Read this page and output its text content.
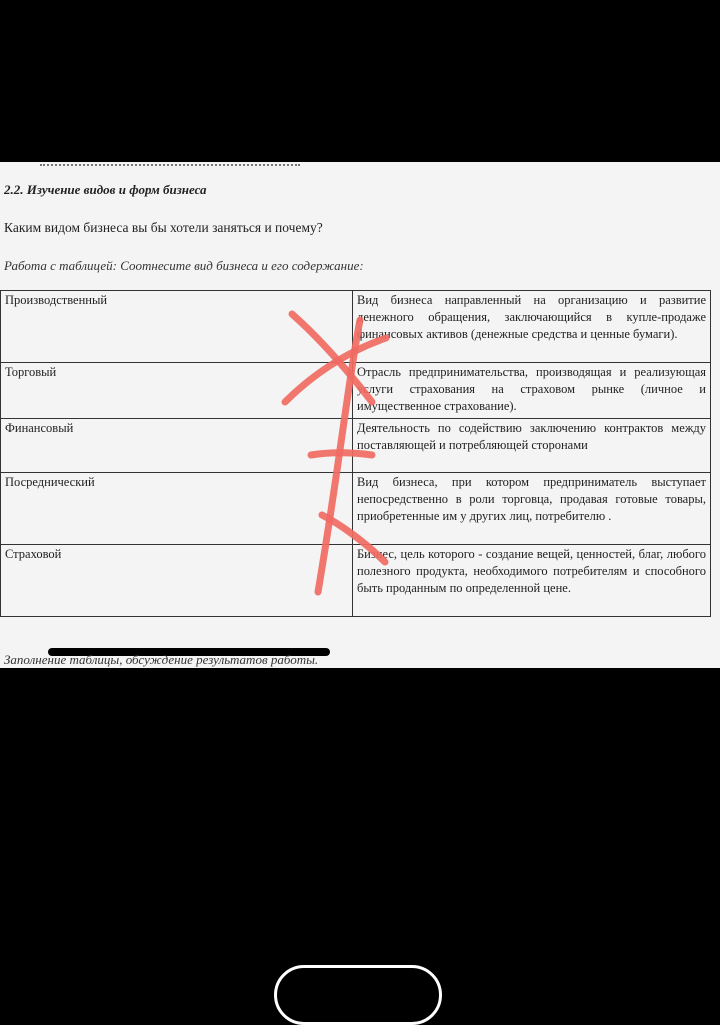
2.2. Изучение видов и форм бизнеса
Каким видом бизнеса вы бы хотели заняться и почему?
Работа с таблицей: Соотнесите вид бизнеса и его содержание:
Производственный	Вид бизнеса направленный на организацию и развитие денежного обращения, заключающийся в купле-продаже финансовых активов (денежные средства и ценные бумаги).
Торговый	Отрасль предпринимательства, производящая и реализующая услуги страхования на страховом рынке (личное и имущественное страхование).
Финансовый	Деятельность по содействию заключению контрактов между поставляющей и потребляющей сторонами
Посреднический	Вид бизнеса, при котором предприниматель выступает непосредственно в роли торговца, продавая готовые товары, приобретенные им у других лиц, потребителю .
Страховой	Бизнес, цель которого - создание вещей, ценностей, благ, любого полезного продукта, необходимого потребителям и способного быть проданным по определенной цене.
Заполнение таблицы, обсуждение результатов работы.
